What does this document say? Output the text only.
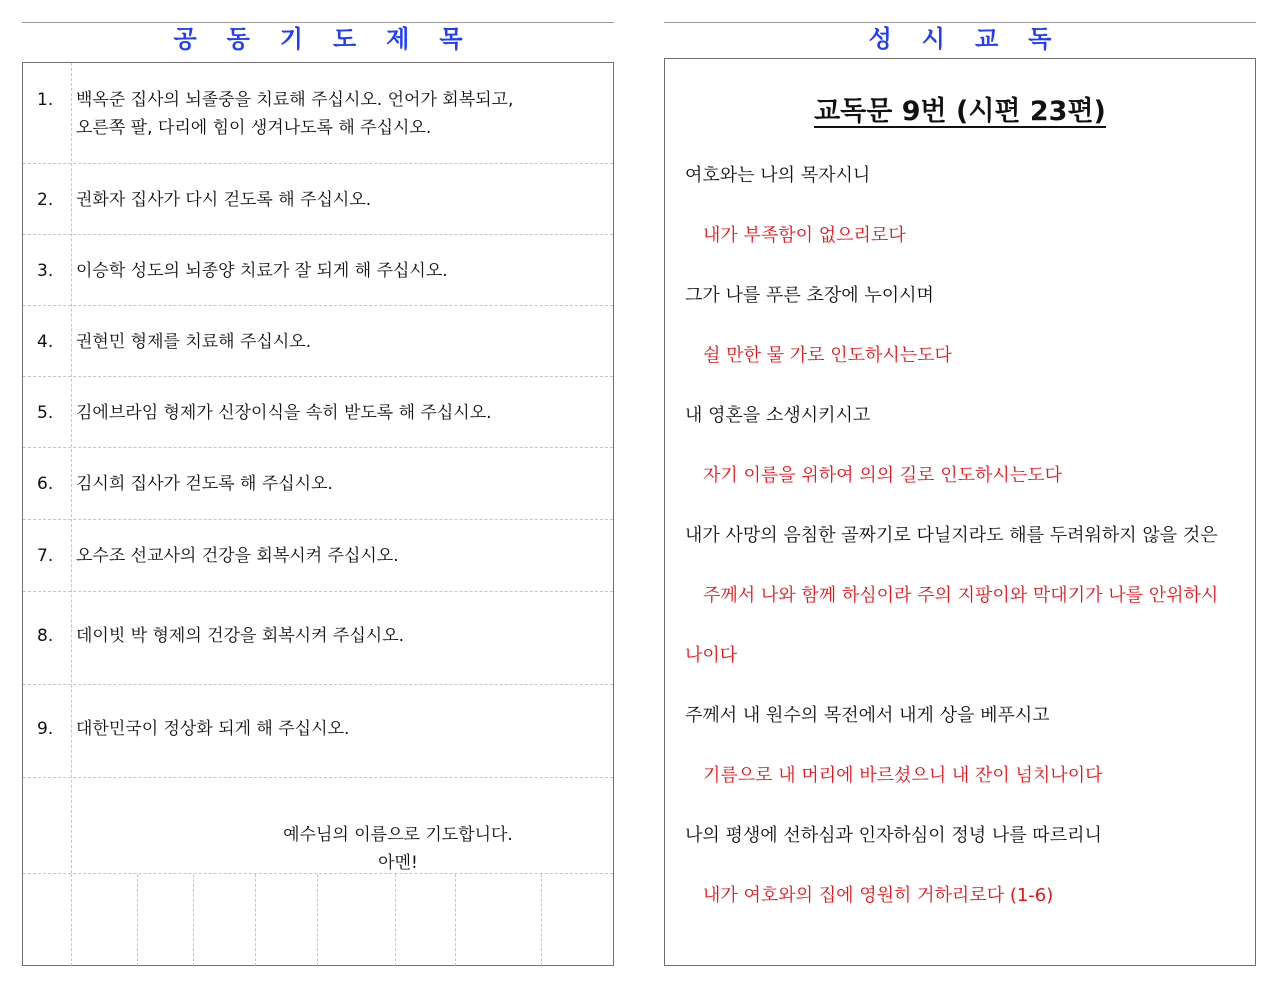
공동기도제목
1.	백옥준 집사의 뇌졸중을 치료해 주십시오. 언어가 회복되고,
오른쪽 팔, 다리에 힘이 생겨나도록 해 주십시오.
2.	권화자 집사가 다시 걷도록 해 주십시오.
3.	이승학 성도의 뇌종양 치료가 잘 되게 해 주십시오.
4.	권현민 형제를 치료해 주십시오.
5.	김에브라임 형제가 신장이식을 속히 받도록 해 주십시오.
6.	김시희 집사가 걷도록 해 주십시오.
7.	오수조 선교사의 건강을 회복시켜 주십시오.
8.	데이빗 박 형제의 건강을 회복시켜 주십시오.
9.	대한민국이 정상화 되게 해 주십시오.
예수님의 이름으로 기도합니다.
아멘!
성시교독
교독문 9번 (시편 23편)
여호와는 나의 목자시니
내가 부족함이 없으리로다
그가 나를 푸른 초장에 누이시며
쉴 만한 물 가로 인도하시는도다
내 영혼을 소생시키시고
자기 이름을 위하여 의의 길로 인도하시는도다
내가 사망의 음침한 골짜기로 다닐지라도 해를 두려워하지 않을 것은
주께서 나와 함께 하심이라 주의 지팡이와 막대기가 나를 안위하시
나이다
주께서 내 원수의 목전에서 내게 상을 베푸시고
기름으로 내 머리에 바르셨으니 내 잔이 넘치나이다
나의 평생에 선하심과 인자하심이 정녕 나를 따르리니
내가 여호와의 집에 영원히 거하리로다 (1-6)
